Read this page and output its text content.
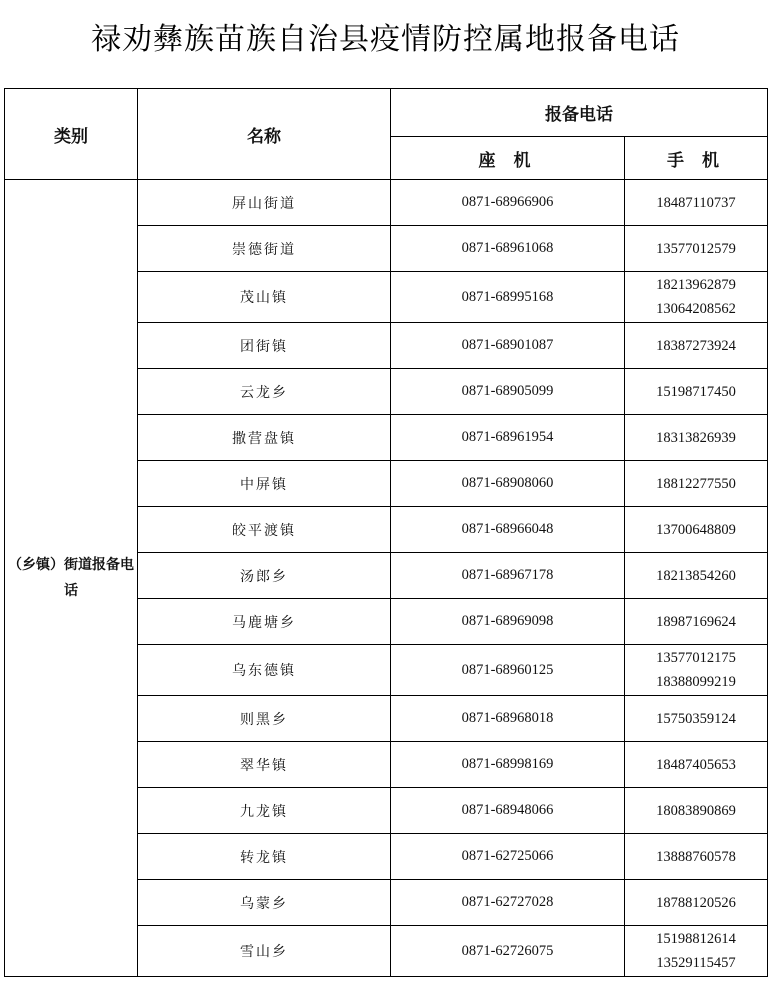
禄劝彝族苗族自治县疫情防控属地报备电话
类别	名称	报备电话	
		座 机	手 机
（乡镇）街道报备电话	屏山街道	0871-68966906	18487110737

	崇德街道	0871-68961068	13577012579

	茂山镇	0871-68995168	18213962879
13064208562

	团街镇	0871-68901087	18387273924

	云龙乡	0871-68905099	15198717450

	撒营盘镇	0871-68961954	18313826939

	中屏镇	0871-68908060	18812277550

	皎平渡镇	0871-68966048	13700648809

	汤郎乡	0871-68967178	18213854260

	马鹿塘乡	0871-68969098	18987169624

	乌东德镇	0871-68960125	13577012175
18388099219

	则黑乡	0871-68968018	15750359124

	翠华镇	0871-68998169	18487405653

	九龙镇	0871-68948066	18083890869

	转龙镇	0871-62725066	13888760578

	乌蒙乡	0871-62727028	18788120526

	雪山乡	0871-62726075	15198812614
13529115457
